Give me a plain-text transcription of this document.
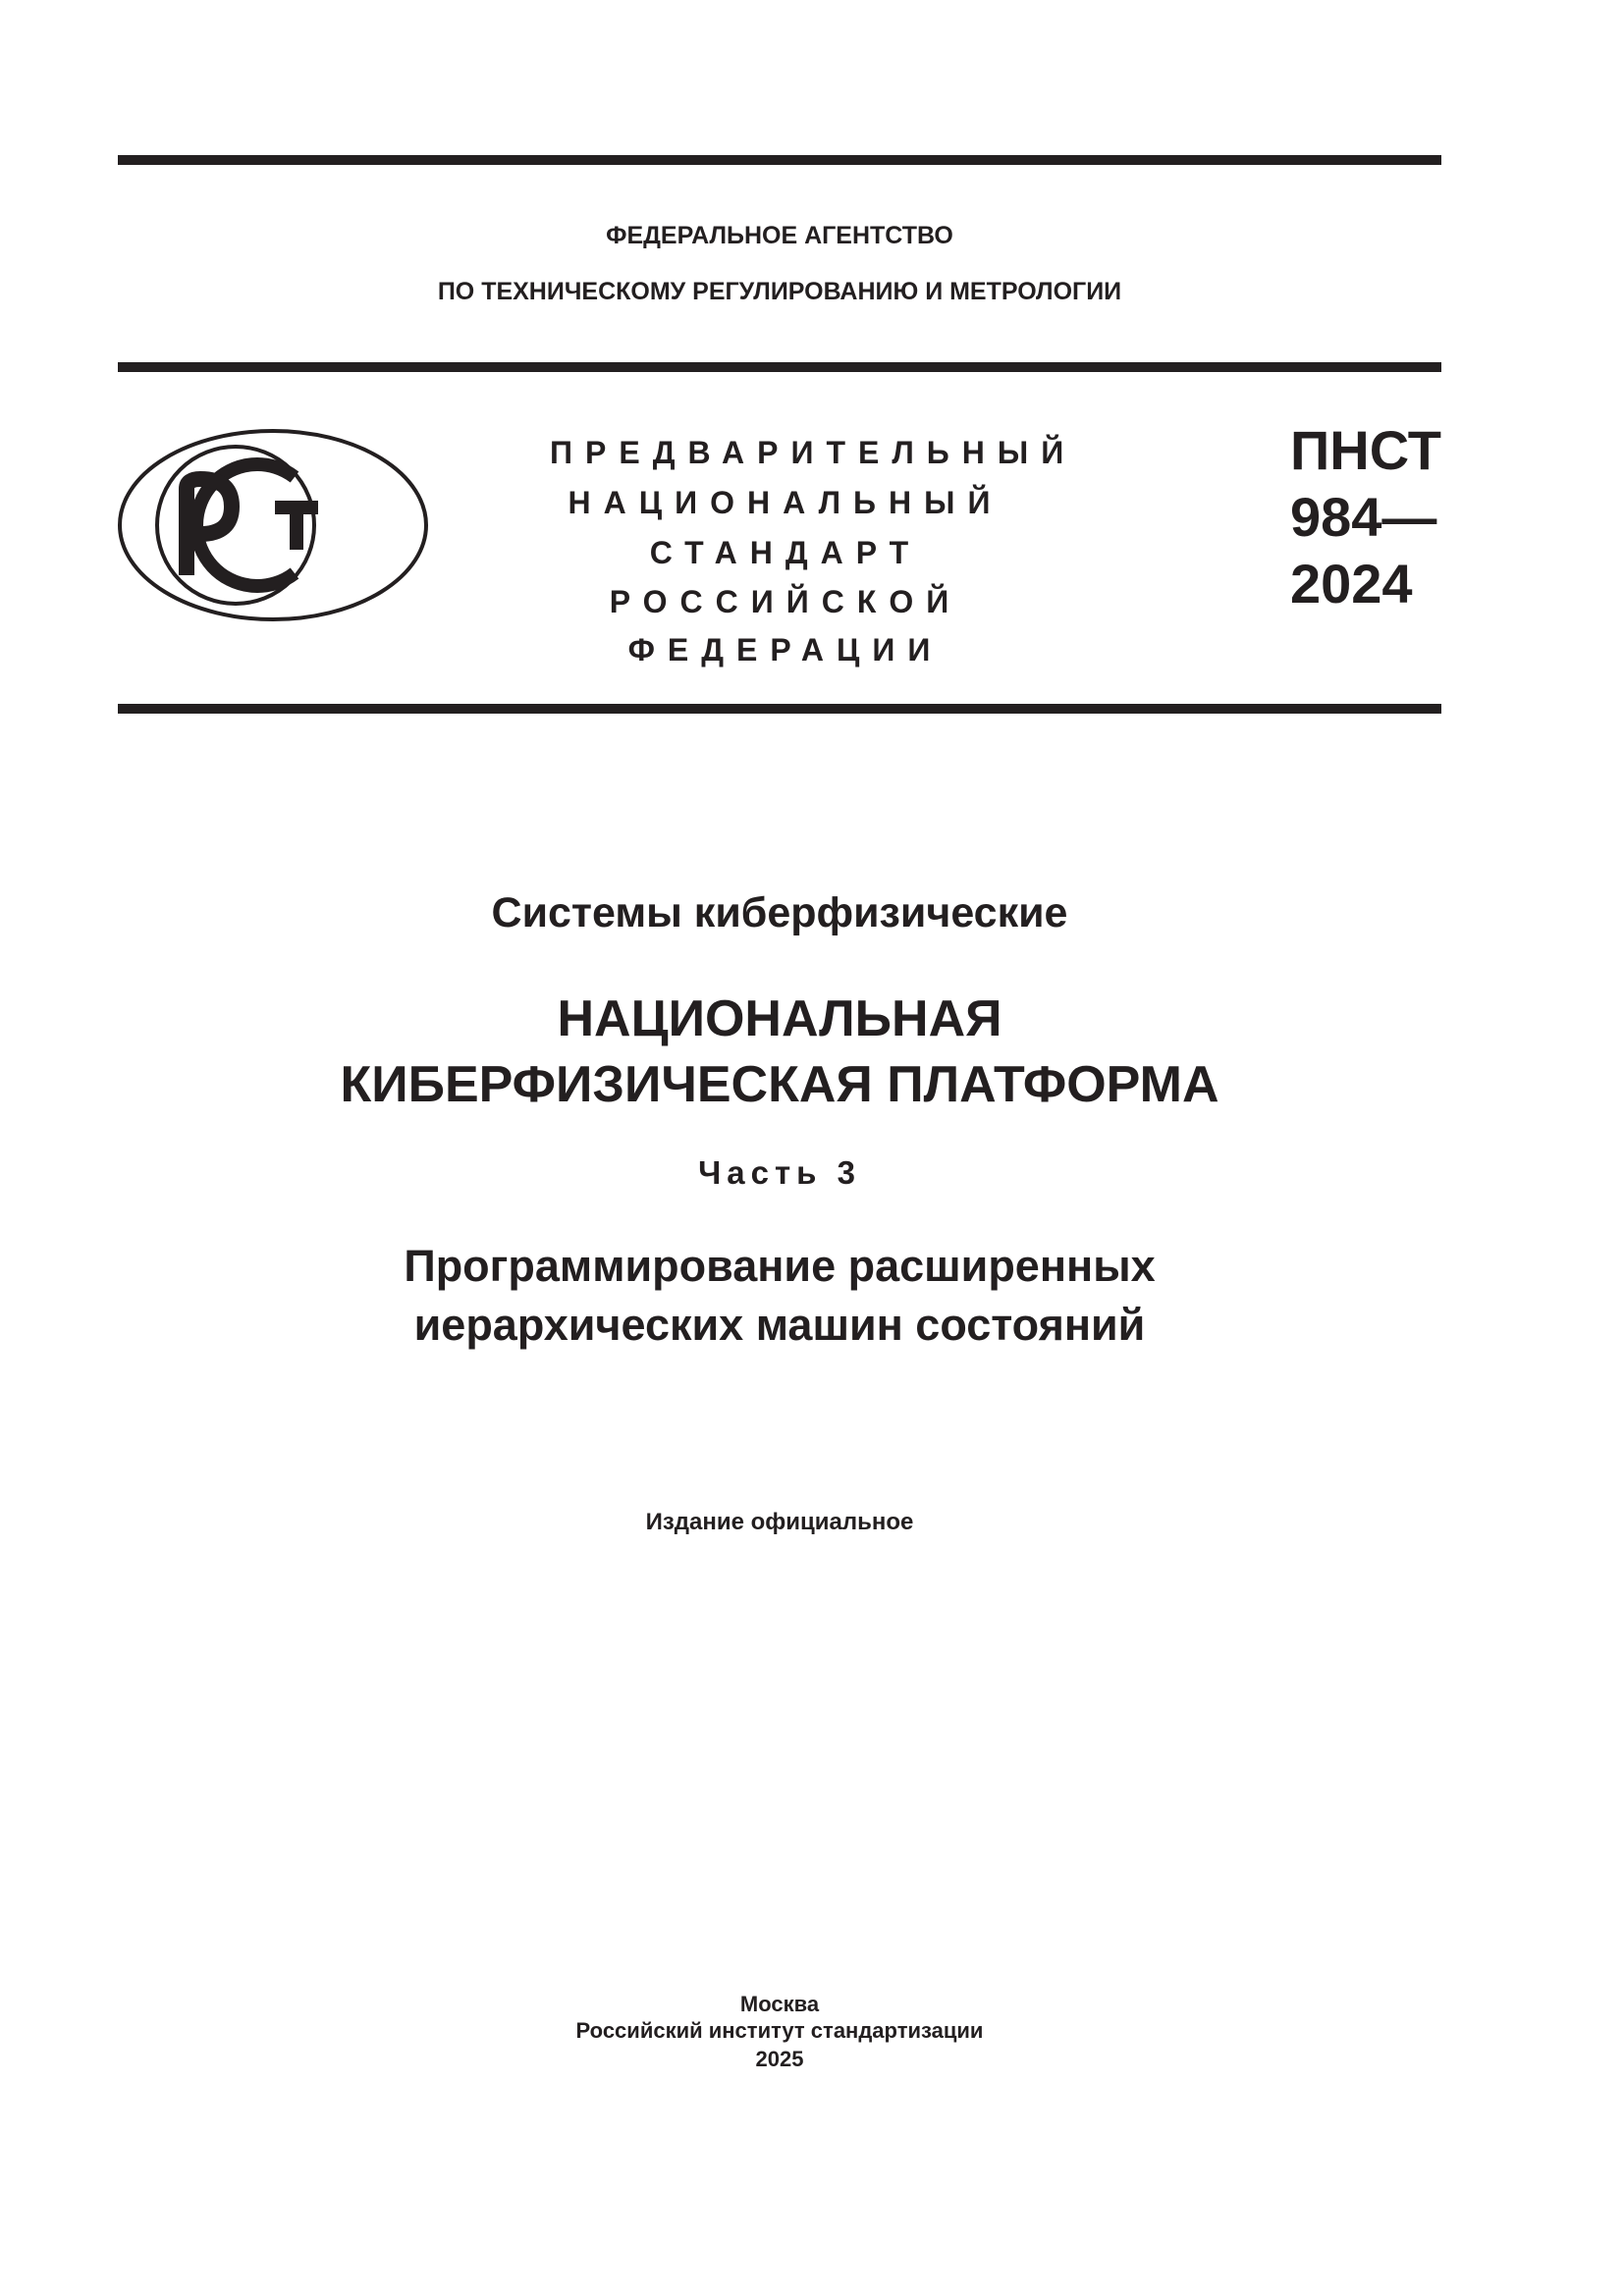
ФЕДЕРАЛЬНОЕ АГЕНТСТВО
ПО ТЕХНИЧЕСКОМУ РЕГУЛИРОВАНИЮ И МЕТРОЛОГИИ
ПРЕДВАРИТЕЛЬНЫЙ
НАЦИОНАЛЬНЫЙ
СТАНДАРТ
РОССИЙСКОЙ
ФЕДЕРАЦИИ
ПНСТ
984—
2024
Системы киберфизические
НАЦИОНАЛЬНАЯ
КИБЕРФИЗИЧЕСКАЯ ПЛАТФОРМА
Часть 3
Программирование расширенных
иерархических машин состояний
Издание официальное
Москва
Российский институт стандартизации
2025
